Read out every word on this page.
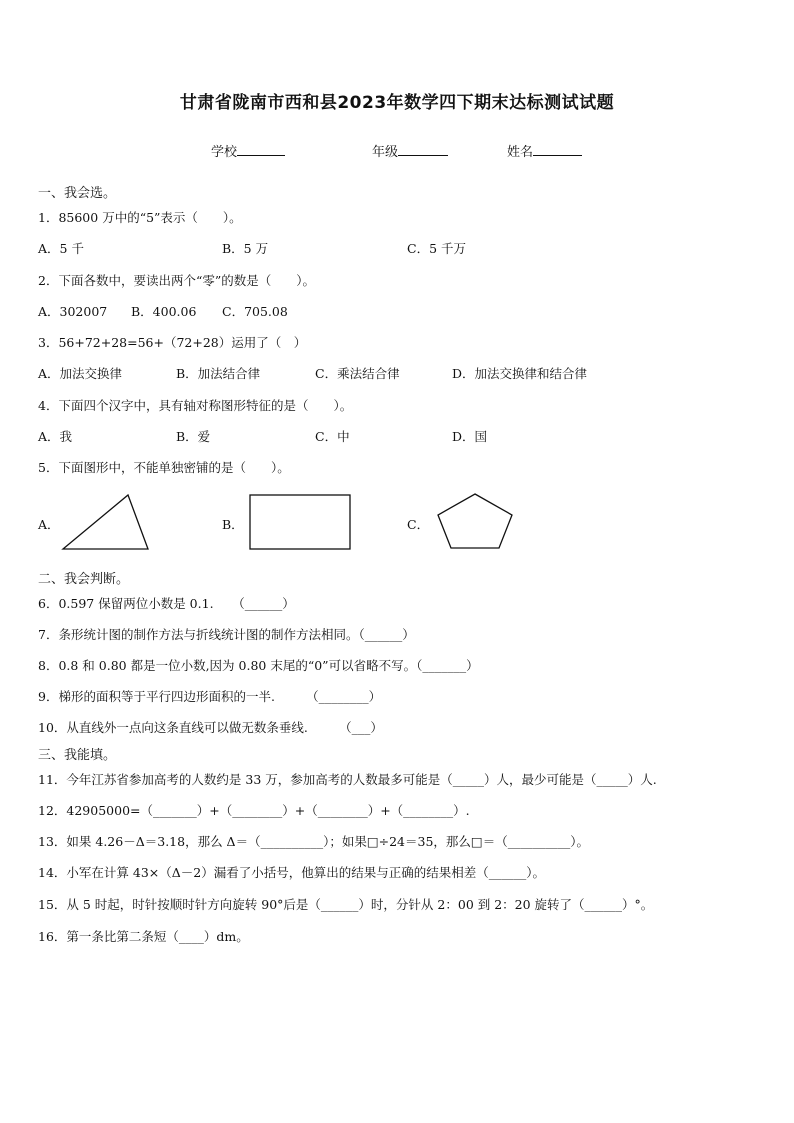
甘肃省陇南市西和县2023年数学四下期末达标测试试题
学校	年级	姓名
一、我会选。
1．85600 万中的“5”表示（　　）。
A．5 千	B．5 万	C．5 千万
2．下面各数中，要读出两个“零”的数是（　　）。
A．302007 B．400.06 C．705.08
3．56+72+28=56+（72+28）运用了（　）
A．加法交换律	B．加法结合律	C．乘法结合律	D．加法交换律和结合律
4．下面四个汉字中，具有轴对称图形特征的是（　　）。
A．我	B．爱	C．中	D．国
5．下面图形中，不能单独密铺的是（　　）。
A．	B．	C．
二、我会判断。
6．0.597 保留两位小数是 0.1.　　（______）
7．条形统计图的制作方法与折线统计图的制作方法相同。（______）
8．0.8 和 0.80 都是一位小数,因为 0.80 末尾的“0”可以省略不写。（_______）
9．梯形的面积等于平行四边形面积的一半.　　　（________）
10．从直线外一点向这条直线可以做无数条垂线.　　　（___）
三、我能填。
11．今年江苏省参加高考的人数约是 33 万，参加高考的人数最多可能是（_____）人，最少可能是（_____）人.
12．42905000=（_______）+（________）+（________）+（________）.
13．如果 4.26－Δ＝3.18，那么 Δ＝（__________）；如果□÷24＝35，那么□＝（__________）。
14．小军在计算 43×（Δ－2）漏看了小括号，他算出的结果与正确的结果相差（______）。
15．从 5 时起，时针按顺时针方向旋转 90°后是（______）时，分针从 2：00 到 2：20 旋转了（______）°。
16．第一条比第二条短（____）dm。
